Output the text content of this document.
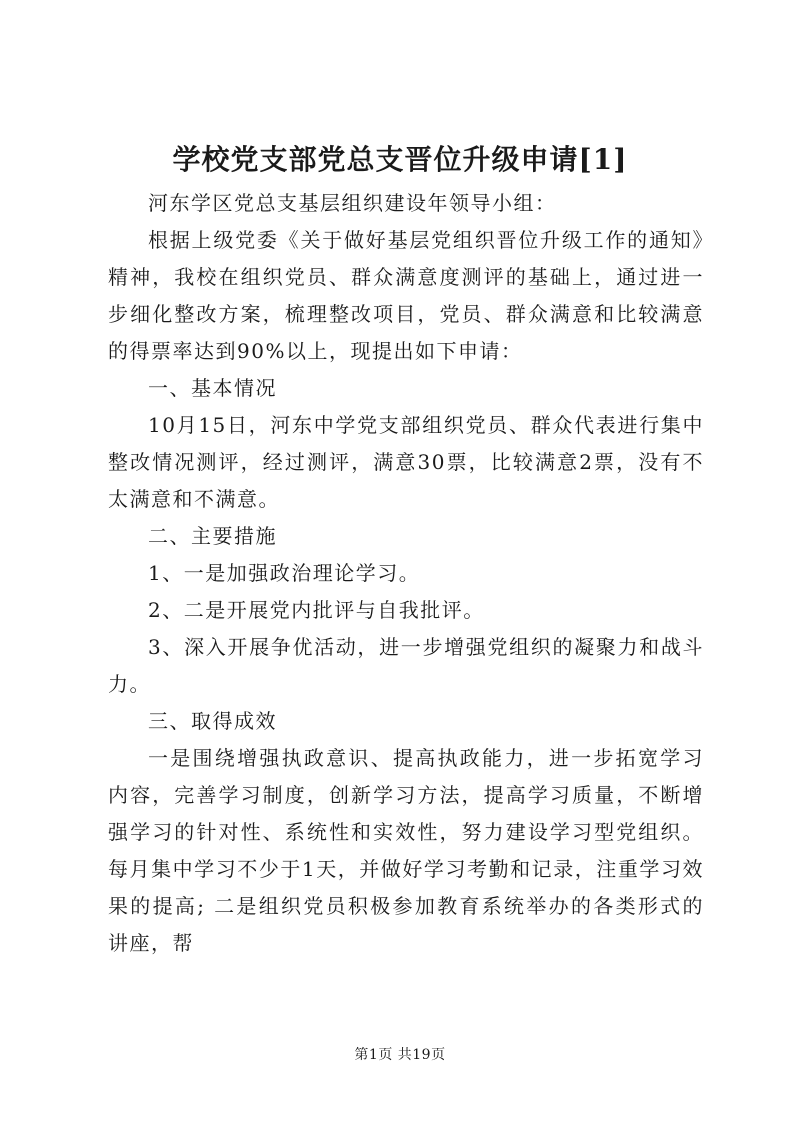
学校党支部党总支晋位升级申请[1]

河东学区党总支基层组织建设年领导小组：

根据上级党委《关于做好基层党组织晋位升级工作的通知》精神，我校在组织党员、群众满意度测评的基础上，通过进一步细化整改方案，梳理整改项目，党员、群众满意和比较满意的得票率达到90%以上，现提出如下申请：

一、基本情况

10月15日，河东中学党支部组织党员、群众代表进行集中整改情况测评，经过测评，满意30票，比较满意2票，没有不太满意和不满意。

二、主要措施

1、一是加强政治理论学习。

2、二是开展党内批评与自我批评。

3、深入开展争优活动，进一步增强党组织的凝聚力和战斗力。

三、取得成效

一是围绕增强执政意识、提高执政能力，进一步拓宽学习内容，完善学习制度，创新学习方法，提高学习质量，不断增强学习的针对性、系统性和实效性，努力建设学习型党组织。每月集中学习不少于1天，并做好学习考勤和记录，注重学习效果的提高; 二是组织党员积极参加教育系统举办的各类形式的讲座，帮

第1页 共19页
